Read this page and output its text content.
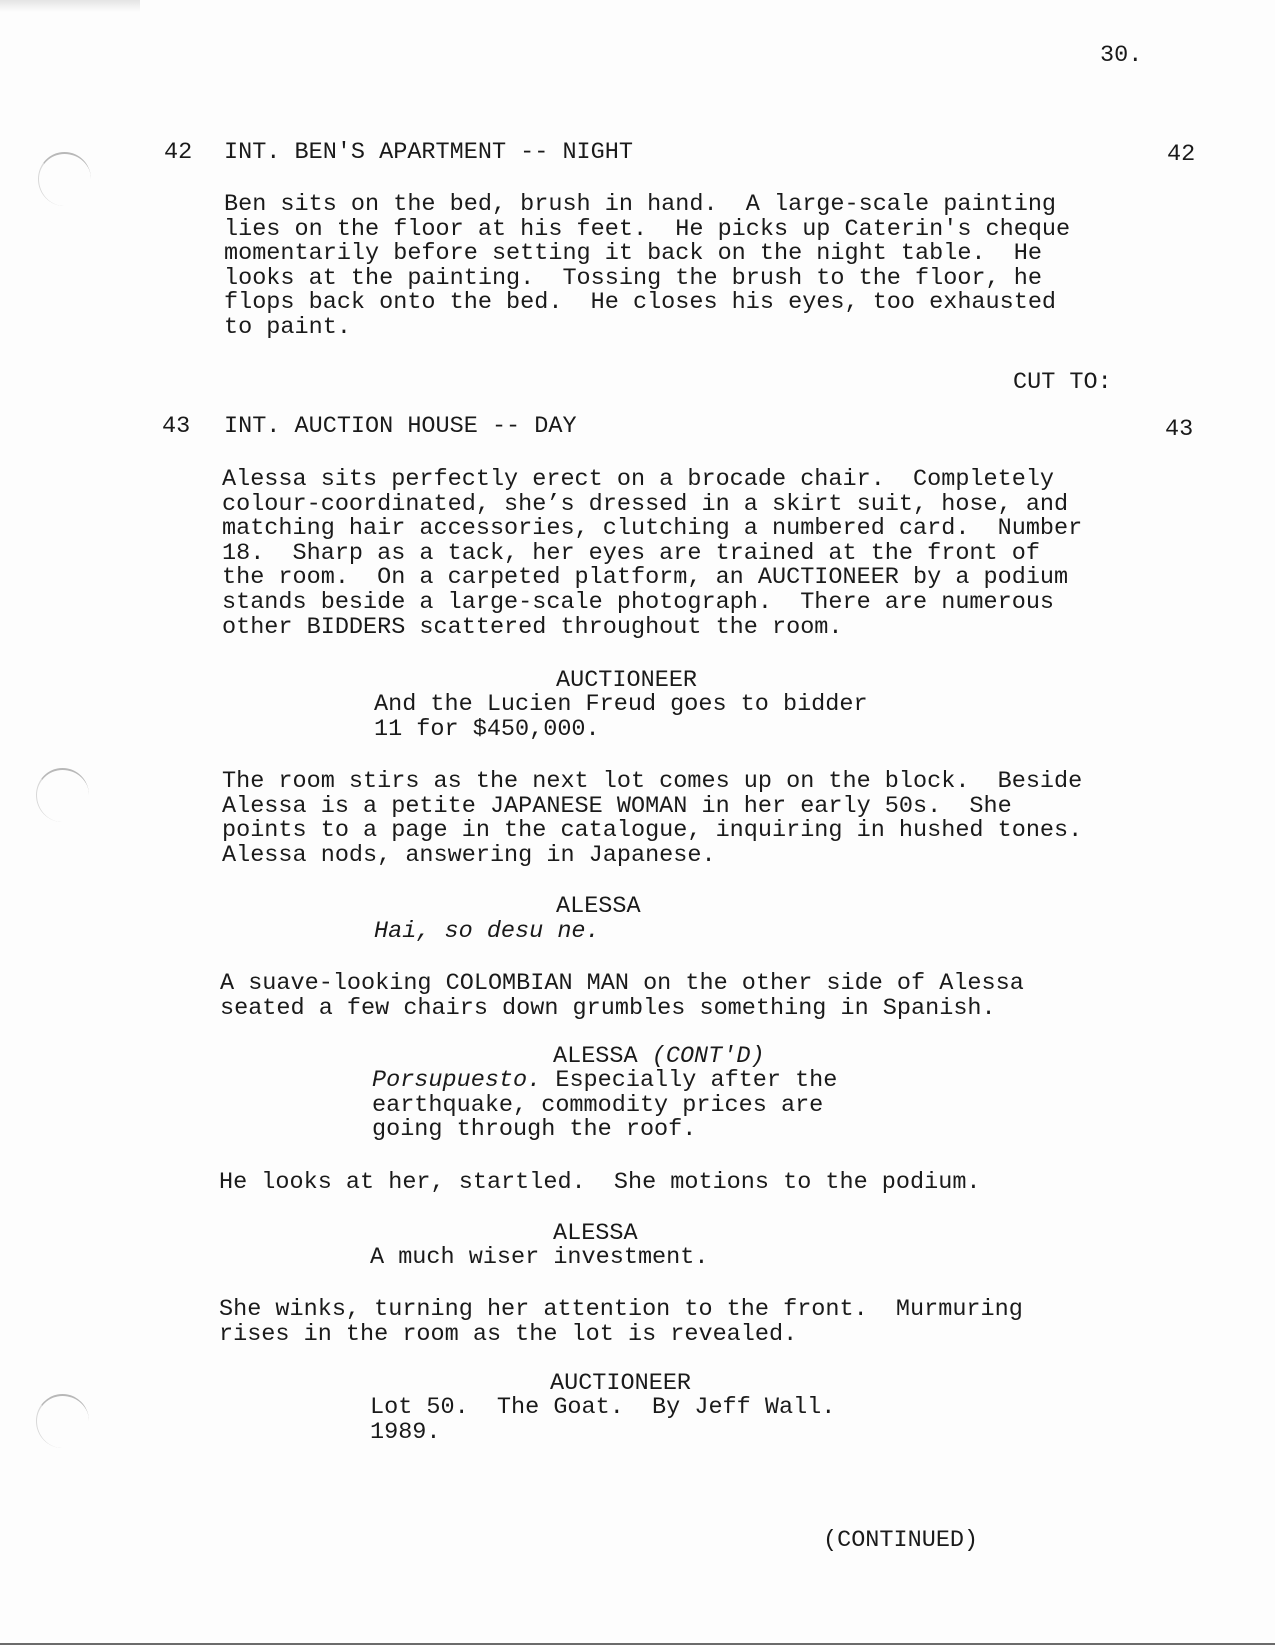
30.
42 INT. BEN'S APARTMENT -- NIGHT	42
Ben sits on the bed, brush in hand.  A large-scale painting
lies on the floor at his feet.  He picks up Caterin's cheque
momentarily before setting it back on the night table.  He
looks at the painting.  Tossing the brush to the floor, he
flops back onto the bed.  He closes his eyes, too exhausted
to paint.
CUT TO:
43 INT. AUCTION HOUSE -- DAY	43
Alessa sits perfectly erect on a brocade chair.  Completely
colour-coordinated, she’s dressed in a skirt suit, hose, and
matching hair accessories, clutching a numbered card.  Number
18.  Sharp as a tack, her eyes are trained at the front of
the room.  On a carpeted platform, an AUCTIONEER by a podium
stands beside a large-scale photograph.  There are numerous
other BIDDERS scattered throughout the room.
AUCTIONEER
And the Lucien Freud goes to bidder
11 for $450,000.
The room stirs as the next lot comes up on the block.  Beside
Alessa is a petite JAPANESE WOMAN in her early 50s.  She
points to a page in the catalogue, inquiring in hushed tones.
Alessa nods, answering in Japanese.
ALESSA
Hai, so desu ne.
A suave-looking COLOMBIAN MAN on the other side of Alessa
seated a few chairs down grumbles something in Spanish.
ALESSA (CONT'D)
Porsupuesto. Especially after the
earthquake, commodity prices are
going through the roof.
He looks at her, startled.  She motions to the podium.
ALESSA
A much wiser investment.
She winks, turning her attention to the front.  Murmuring
rises in the room as the lot is revealed.
AUCTIONEER
Lot 50.  The Goat.  By Jeff Wall.
1989.
(CONTINUED)
